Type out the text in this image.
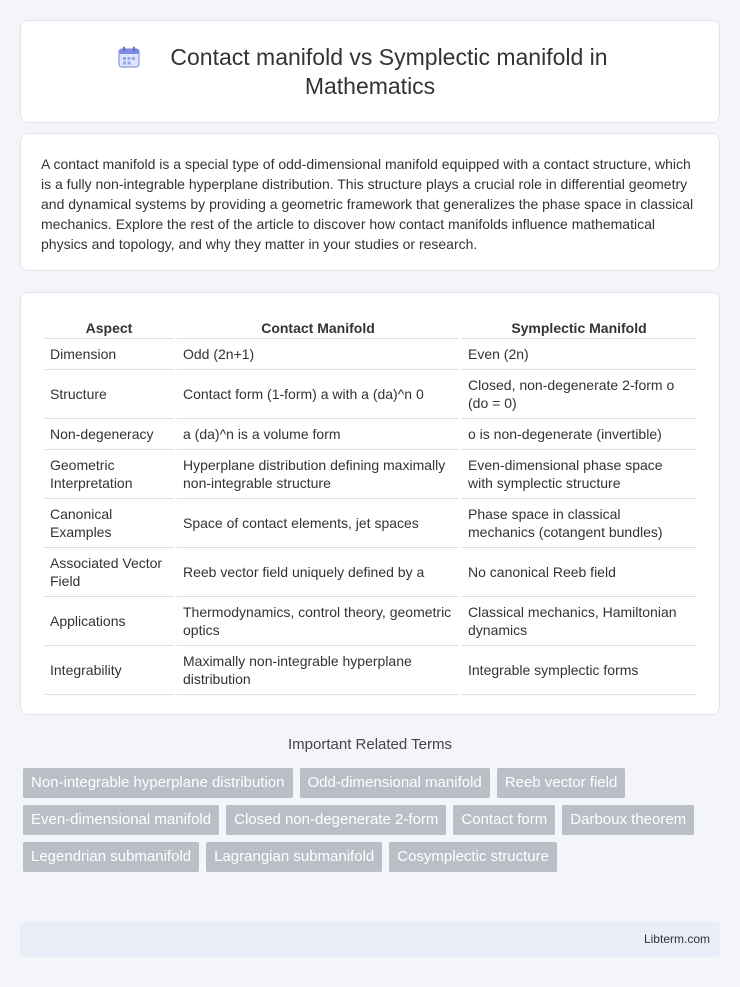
Contact manifold vs Symplectic manifold in
Mathematics

A contact manifold is a special type of odd-dimensional manifold equipped with a contact structure, which is a fully non-integrable hyperplane distribution. This structure plays a crucial role in differential geometry and dynamical systems by providing a geometric framework that generalizes the phase space in classical mechanics. Explore the rest of the article to discover how contact manifolds influence mathematical physics and topology, and why they matter in your studies or research.

Aspect	Contact Manifold	Symplectic Manifold
Dimension	Odd (2n+1)	Even (2n)
Structure	Contact form (1-form) a with a (da)^n 0	Closed, non-degenerate 2-form o (do = 0)
Non-degeneracy	a (da)^n is a volume form	o is non-degenerate (invertible)
Geometric Interpretation	Hyperplane distribution defining maximally non-integrable structure	Even-dimensional phase space with symplectic structure
Canonical Examples	Space of contact elements, jet spaces	Phase space in classical mechanics (cotangent bundles)
Associated Vector Field	Reeb vector field uniquely defined by a	No canonical Reeb field
Applications	Thermodynamics, control theory, geometric optics	Classical mechanics, Hamiltonian dynamics
Integrability	Maximally non-integrable hyperplane distribution	Integrable symplectic forms
Important Related Terms
Non-integrable hyperplane distribution	Odd-dimensional manifold	Reeb vector field
Even-dimensional manifold	Closed non-degenerate 2-form	Contact form	Darboux theorem
Legendrian submanifold	Lagrangian submanifold	Cosymplectic structure
Libterm.com
